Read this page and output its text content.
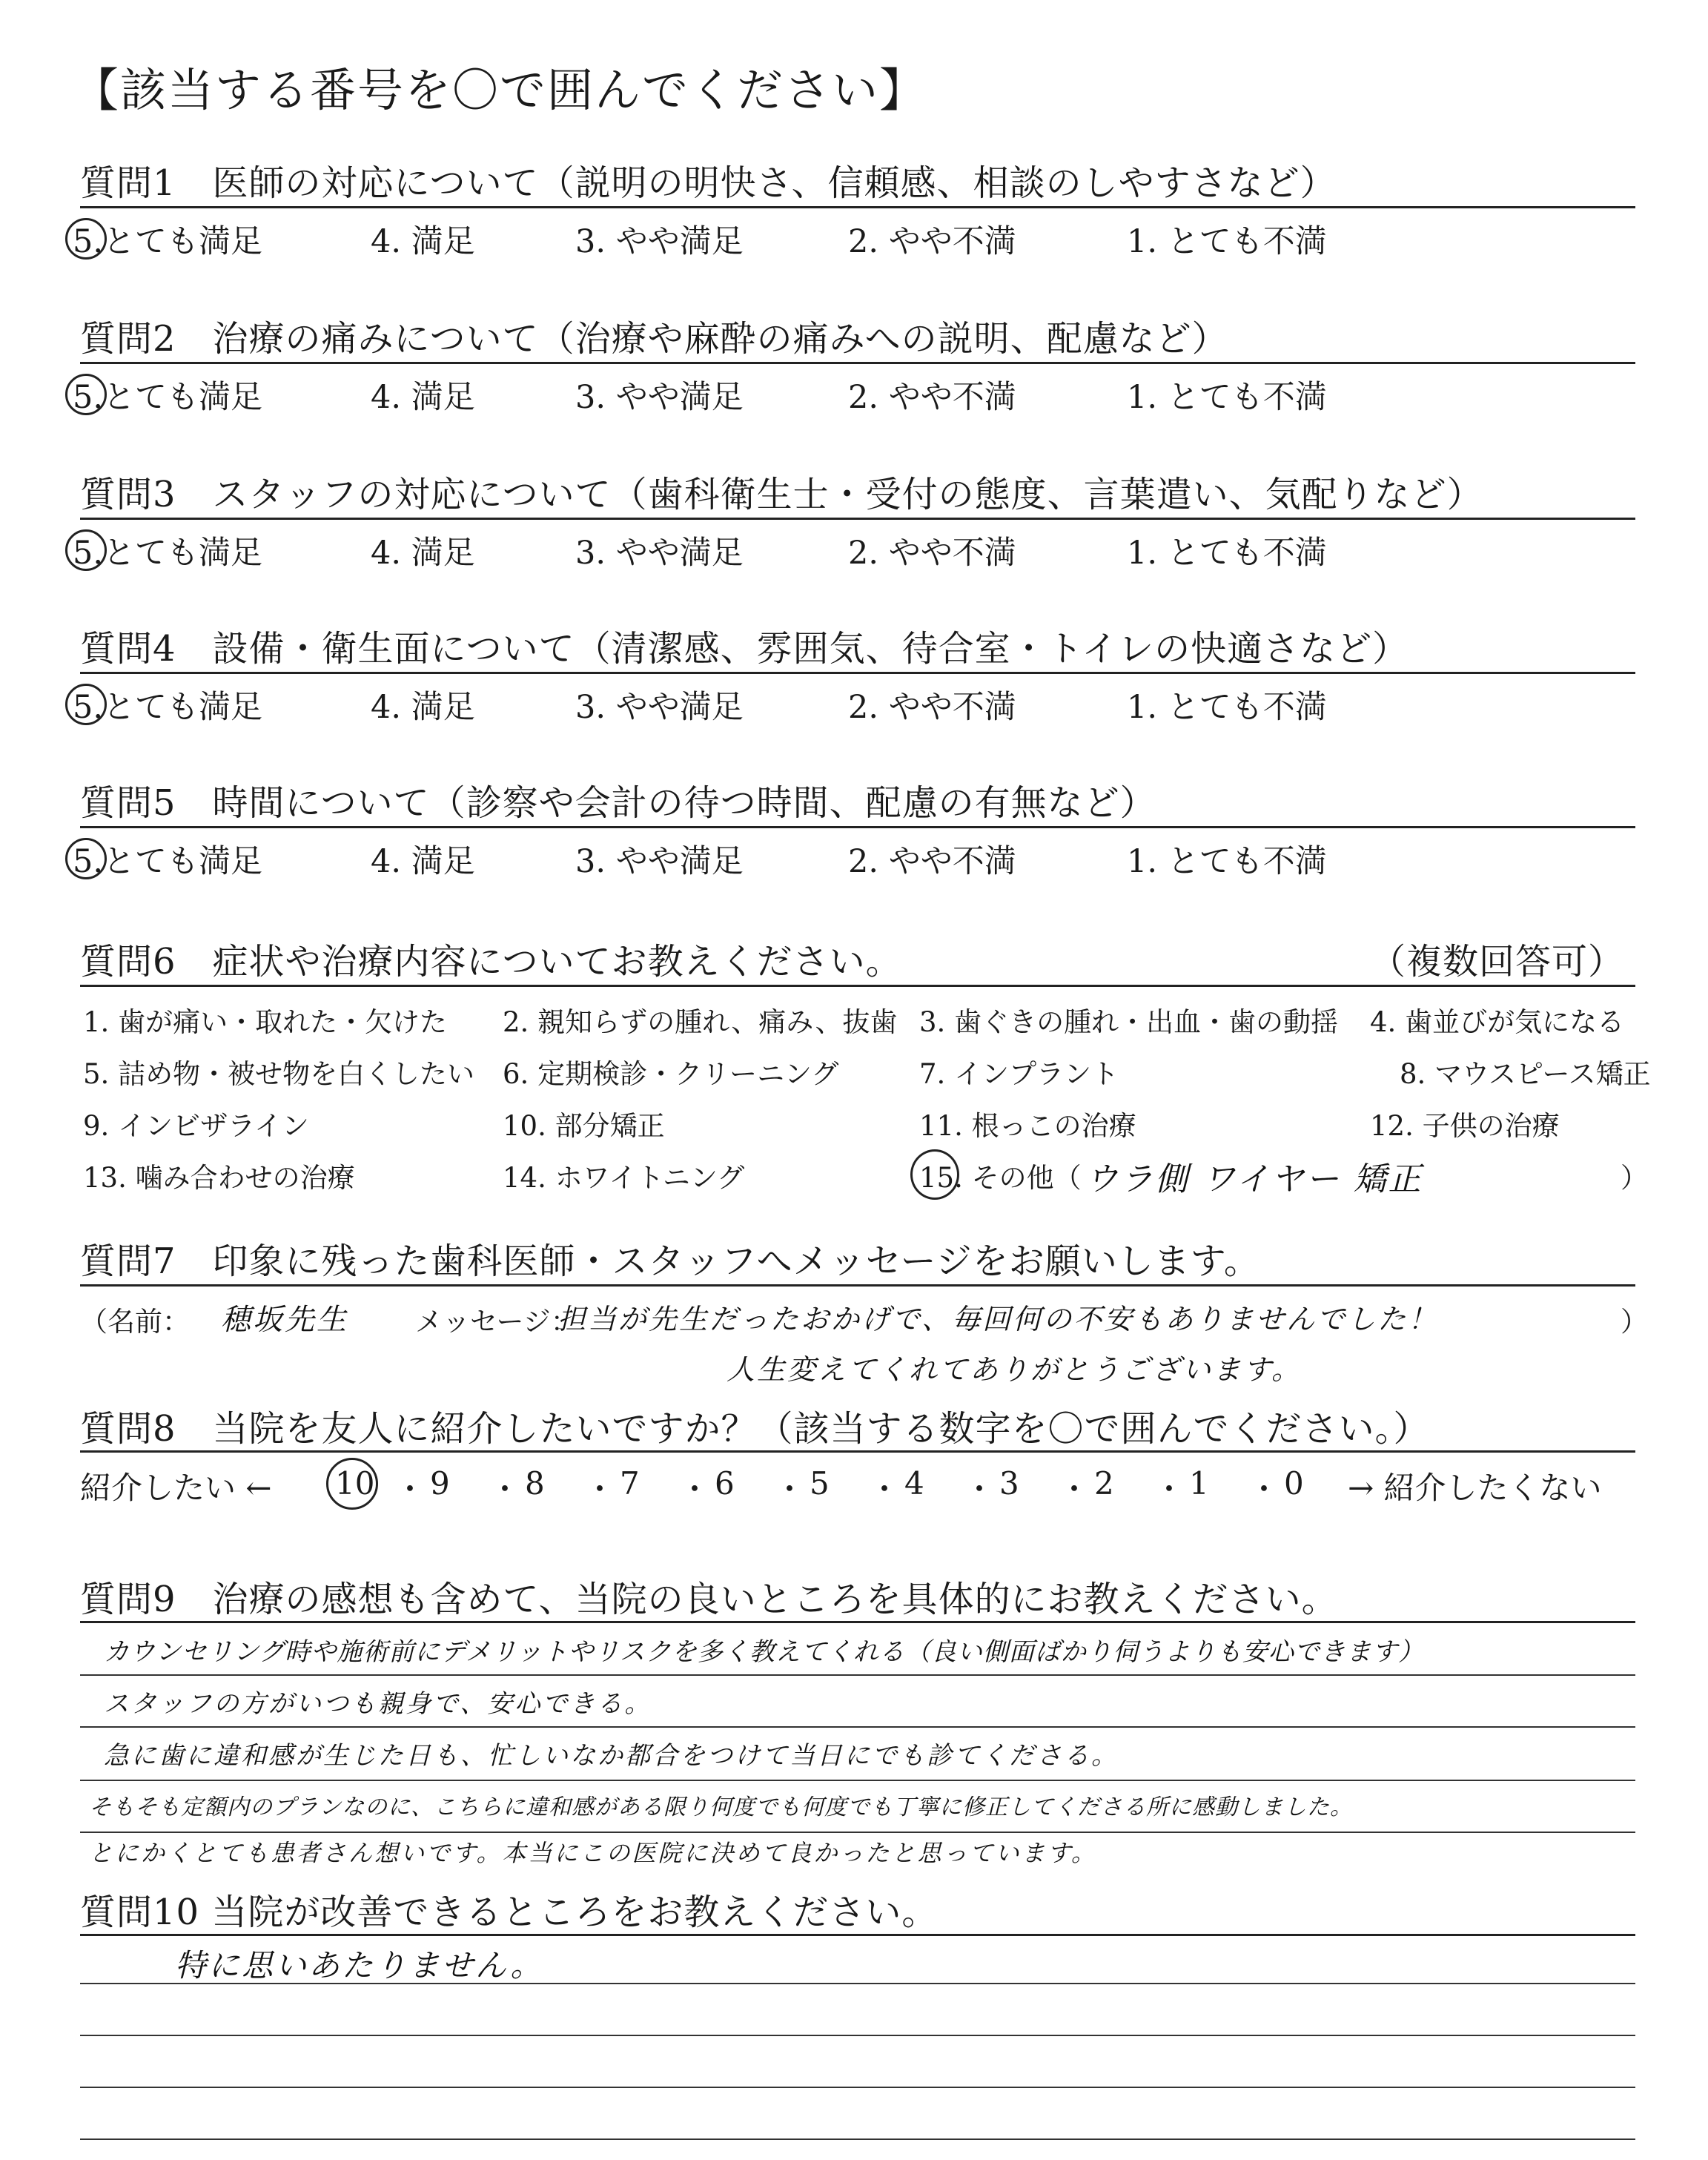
【該当する番号を〇で囲んでください】
質問1　医師の対応について（説明の明快さ、信頼感、相談のしやすさなど）
5.とても満足	4. 満足	3. やや満足	2. やや不満	1. とても不満
質問2　治療の痛みについて（治療や麻酔の痛みへの説明、配慮など）
5.とても満足	4. 満足	3. やや満足	2. やや不満	1. とても不満
質問3　スタッフの対応について（歯科衛生士・受付の態度、言葉遣い、気配りなど）
5.とても満足	4. 満足	3. やや満足	2. やや不満	1. とても不満
質問4　設備・衛生面について（清潔感、雰囲気、待合室・トイレの快適さなど）
5.とても満足	4. 満足	3. やや満足	2. やや不満	1. とても不満
質問5　時間について（診察や会計の待つ時間、配慮の有無など）
5.とても満足	4. 満足	3. やや満足	2. やや不満	1. とても不満
質問6　症状や治療内容についてお教えください。	（複数回答可）
1. 歯が痛い・取れた・欠けた 2. 親知らずの腫れ、痛み、抜歯 3. 歯ぐきの腫れ・出血・歯の動揺 4. 歯並びが気になる
5. 詰め物・被せ物を白くしたい 6. 定期検診・クリーニング	7. インプラント	8. マウスピース矯正
9. インビザライン	10. 部分矯正	11. 根っこの治療	12. 子供の治療
13. 噛み合わせの治療	14. ホワイトニング	15. その他（ ウラ側 ワイヤー 矯正	）
質問7　印象に残った歯科医師・スタッフへメッセージをお願いします。
（名前： 穂坂先生 メッセージ：
担当が先生だったおかげで、毎回何の不安もありませんでした！
人生変えてくれてありがとうございます。
）
質問8　当院を友人に紹介したいですか？（該当する数字を〇で囲んでください。）
紹介したい ← 10 ・ 9 ・ 8 ・ 7 ・ 6 ・ 5 ・ 4 ・ 3 ・ 2 ・ 1 ・ 0 → 紹介したくない
質問9　治療の感想も含めて、当院の良いところを具体的にお教えください。
カウンセリング時や施術前にデメリットやリスクを多く教えてくれる（良い側面ばかり伺うよりも安心できます）
スタッフの方がいつも親身で、安心できる。
急に歯に違和感が生じた日も、忙しいなか都合をつけて当日にでも診てくださる。
そもそも定額内のプランなのに、こちらに違和感がある限り何度でも何度でも丁寧に修正してくださる所に感動しました。
とにかくとても患者さん想いです。本当にこの医院に決めて良かったと思っています。
質問10 当院が改善できるところをお教えください。
特に思いあたりません。
